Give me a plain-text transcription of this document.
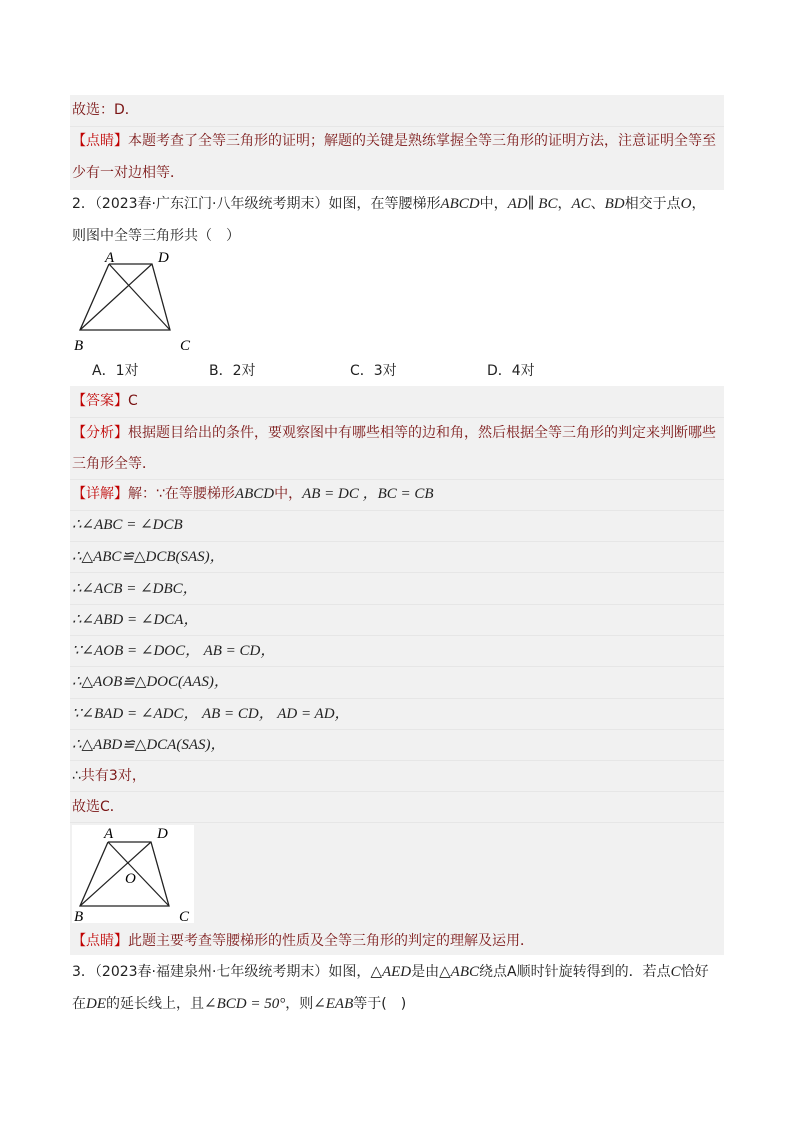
故选：D．
【点睛】本题考查了全等三角形的证明；解题的关键是熟练掌握全等三角形的证明方法，注意证明全等至
少有一对边相等．
2．（2023春·广东江门·八年级统考期末）如图，在等腰梯形ABCD中，AD∥ BC，AC、BD相交于点O，
则图中全等三角形共（　）
A	D
B	C
A．1对	B．2对	C．3对	D．4对
【答案】C
【分析】根据题目给出的条件，要观察图中有哪些相等的边和角，然后根据全等三角形的判定来判断哪些
三角形全等．
【详解】解：∵在等腰梯形ABCD中，AB = DC ，BC = CB
∴∠ABC = ∠DCB
∴△ABC≌△DCB(SAS)，
∴∠ACB = ∠DBC，
∴∠ABD = ∠DCA，
∵∠AOB = ∠DOC， AB = CD，
∴△AOB≌△DOC(AAS)，
∵∠BAD = ∠ADC， AB = CD， AD = AD，
∴△ABD≌△DCA(SAS)，
∴共有3对，
故选C．
A	D
O
B	C
【点睛】此题主要考查等腰梯形的性质及全等三角形的判定的理解及运用．
3．（2023春·福建泉州·七年级统考期末）如图，△AED是由△ABC绕点A顺时针旋转得到的．若点C恰好
在DE的延长线上，且∠BCD = 50°，则∠EAB等于(　)
